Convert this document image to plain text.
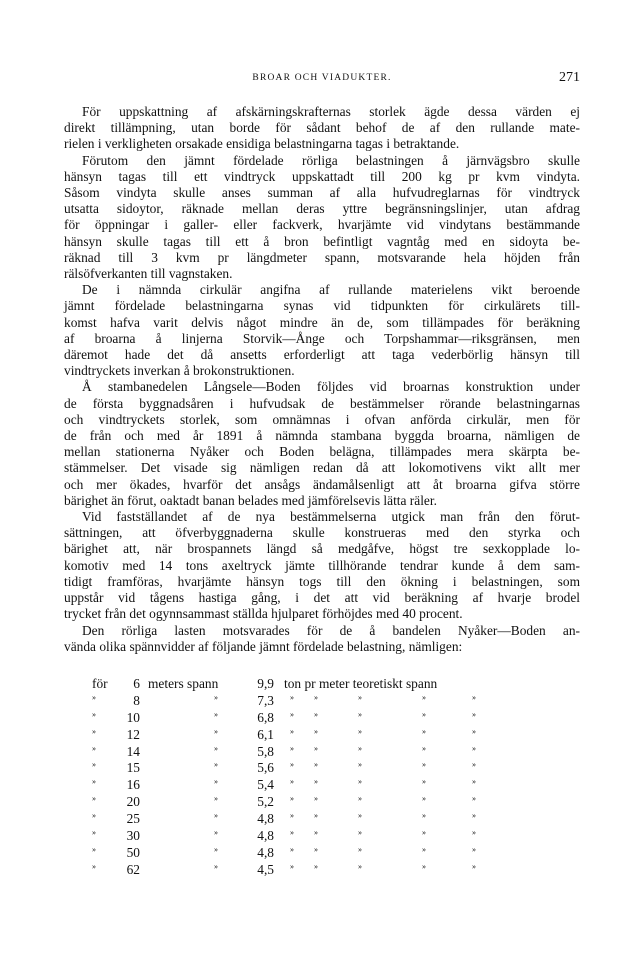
BROAR OCH VIADUKTER.	271

För uppskattning af afskärningskrafternas storlek ägde dessa värden ej
direkt tillämpning, utan borde för sådant behof de af den rullande mate-
rielen i verkligheten orsakade ensidiga belastningarna tagas i betraktande.

Förutom den jämnt fördelade rörliga belastningen å järnvägsbro skulle
hänsyn tagas till ett vindtryck uppskattadt till 200 kg pr kvm vindyta.
Såsom vindyta skulle anses summan af alla hufvudreglarnas för vindtryck
utsatta sidoytor, räknade mellan deras yttre begränsningslinjer, utan afdrag
för öppningar i galler- eller fackverk, hvarjämte vid vindytans bestämmande
hänsyn skulle tagas till ett å bron befintligt vagntåg med en sidoyta be-
räknad till 3 kvm pr längdmeter spann, motsvarande hela höjden från
rälsöfverkanten till vagnstaken.

De i nämnda cirkulär angifna af rullande materielens vikt beroende
jämnt fördelade belastningarna synas vid tidpunkten för cirkulärets till-
komst hafva varit delvis något mindre än de, som tillämpades för beräkning
af broarna å linjerna Storvik—Ånge och Torpshammar—riksgränsen, men
däremot hade det då ansetts erforderligt att taga vederbörlig hänsyn till
vindtryckets inverkan å brokonstruktionen.

Å stambanedelen Långsele—Boden följdes vid broarnas konstruktion under
de första byggnadsåren i hufvudsak de bestämmelser rörande belastningarnas
och vindtryckets storlek, som omnämnas i ofvan anförda cirkulär, men för
de från och med år 1891 å nämnda stambana byggda broarna, nämligen de
mellan stationerna Nyåker och Boden belägna, tillämpades mera skärpta be-
stämmelser. Det visade sig nämligen redan då att lokomotivens vikt allt mer
och mer ökades, hvarför det ansågs ändamålsenligt att åt broarna gifva större
bärighet än förut, oaktadt banan belades med jämförelsevis lätta räler.

Vid fastställandet af de nya bestämmelserna utgick man från den förut-
sättningen, att öfverbyggnaderna skulle konstrueras med den styrka och
bärighet att, när brospannets längd så medgåfve, högst tre sexkopplade lo-
komotiv med 14 tons axeltryck jämte tillhörande tendrar kunde å dem sam-
tidigt framföras, hvarjämte hänsyn togs till den ökning i belastningen, som
uppstår vid tågens hastiga gång, i det att vid beräkning af hvarje brodel
trycket från det ogynnsammast ställda hjulparet förhöjdes med 40 procent.

Den rörliga lasten motsvarades för de å bandelen Nyåker—Boden an-
vända olika spännvidder af följande jämnt fördelade belastning, nämligen:

för	6 meters spann	9,9 ton pr meter teoretiskt spann
»	8	»	7,3 »	»	»	»	»
»	10	»	6,8 »	»	»	»	»
»	12	»	6,1 »	»	»	»	»
»	14	»	5,8 »	»	»	»	»
»	15	»	5,6 »	»	»	»	»
»	16	»	5,4 »	»	»	»	»
»	20	»	5,2 »	»	»	»	»
»	25	»	4,8 »	»	»	»	»
»	30	»	4,8 »	»	»	»	»
»	50	»	4,8 »	»	»	»	»
»	62	»	4,5 »	»	»	»	»
